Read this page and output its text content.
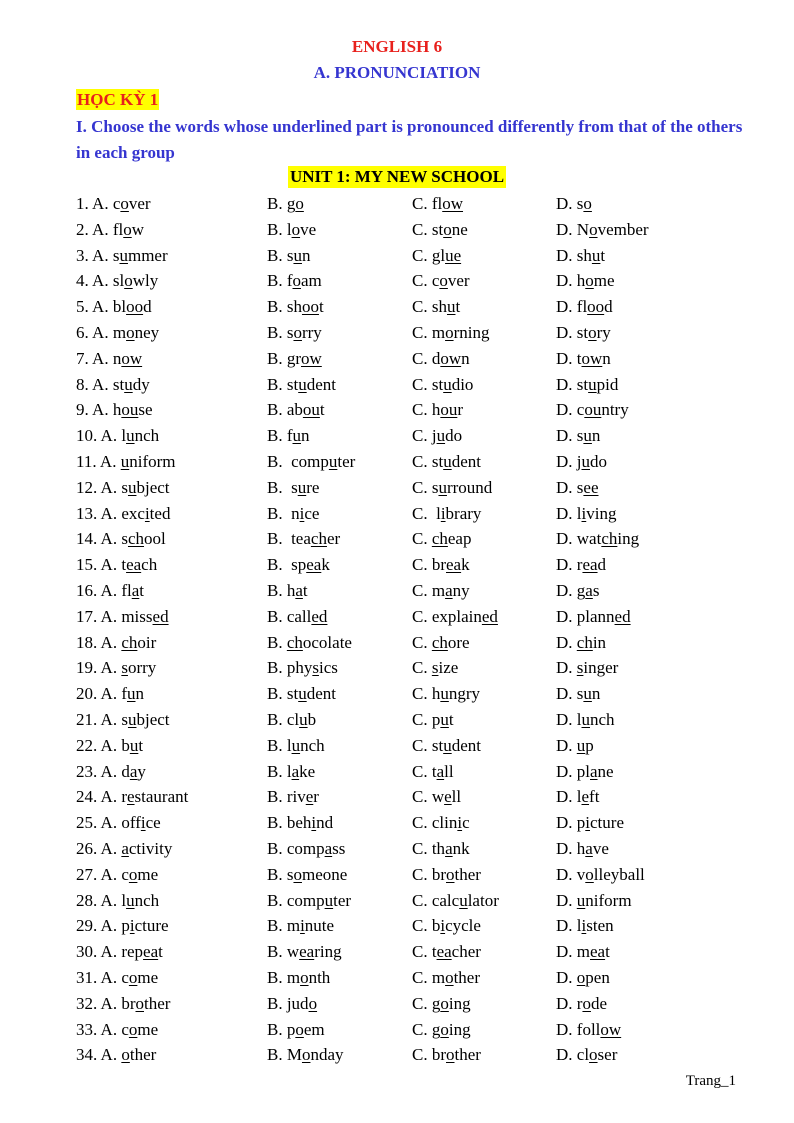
ENGLISH 6
A. PRONUNCIATION
HỌC KỲ 1
I. Choose the words whose underlined part is pronounced differently from that of the others in each group
UNIT 1: MY NEW SCHOOL
1. A. cover	B. go	C. flow	D. so
2. A. flow	B. love	C. stone	D. November
3. A. summer	B. sun	C. glue	D. shut
4. A. slowly	B. foam	C. cover	D. home
5. A. blood	B. shoot	C. shut	D. flood
6. A. money	B. sorry	C. morning	D. story
7. A. now	B. grow	C. down	D. town
8. A. study	B. student	C. studio	D. stupid
9. A. house	B. about	C. hour	D. country
10. A. lunch	B. fun	C. judo	D. sun
11. A. uniform	B.  computer	C. student	D. judo
12. A. subject	B.  sure	C. surround	D. see
13. A. excited	B.  nice	C.  library	D. living
14. A. school	B.  teacher	C. cheap	D. watching
15. A. teach	B.  speak	C. break	D. read
16. A. flat	B. hat	C. many	D. gas
17. A. missed	B. called	C. explained	D. planned
18. A. choir	B. chocolate	C. chore	D. chin
19. A. sorry	B. physics	C. size	D. singer
20. A. fun	B. student	C. hungry	D. sun
21. A. subject	B. club	C. put	D. lunch
22. A. but	B. lunch	C. student	D. up
23. A. day	B. lake	C. tall	D. plane
24. A. restaurant	B. river	C. well	D. left
25. A. office	B. behind	C. clinic	D. picture
26. A. activity	B. compass	C. thank	D. have
27. A. come	B. someone	C. brother	D. volleyball
28. A. lunch	B. computer	C. calculator	D. uniform
29. A. picture	B. minute	C. bicycle	D. listen
30. A. repeat	B. wearing	C. teacher	D. meat
31. A. come	B. month	C. mother	D. open
32. A. brother	B. judo	C. going	D. rode
33. A. come	B. poem	C. going	D. follow
34. A. other	B. Monday	C. brother	D. closer
Trang_1
